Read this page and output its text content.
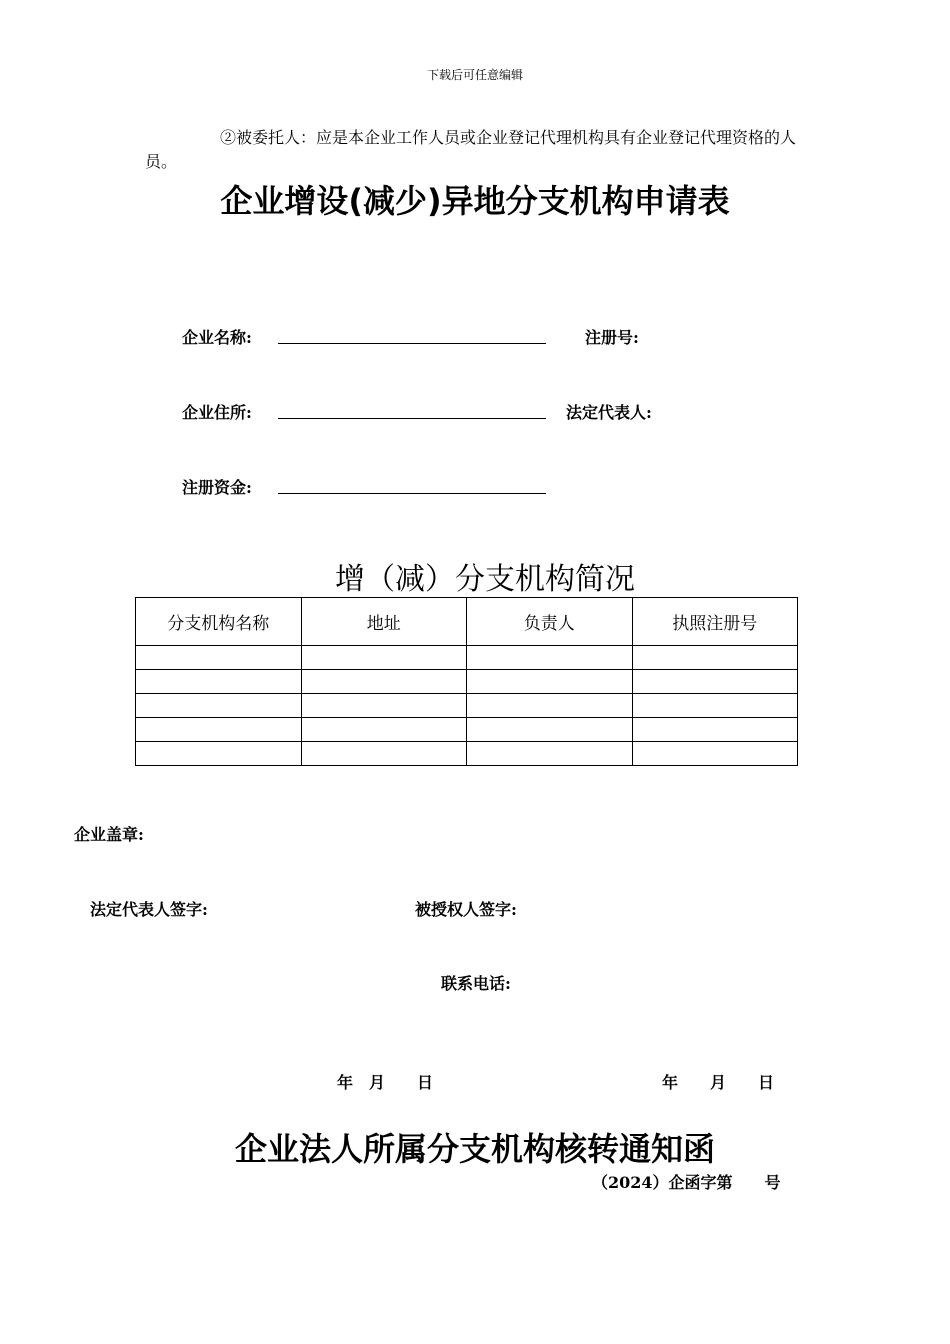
下载后可任意编辑
②被委托人：应是本企业工作人员或企业登记代理机构具有企业登记代理资格的人员。
企业增设(减少)异地分支机构申请表
企业名称:	注册号:
企业住所:	法定代表人:
注册资金:
增（减）分支机构简况
分支机构名称	地址	负责人	执照注册号

企业盖章:
法定代表人签字:	被授权人签字:
联系电话:
年　月　　日	年　　月　　日
企业法人所属分支机构核转通知函
（2024）企函字第　　号
